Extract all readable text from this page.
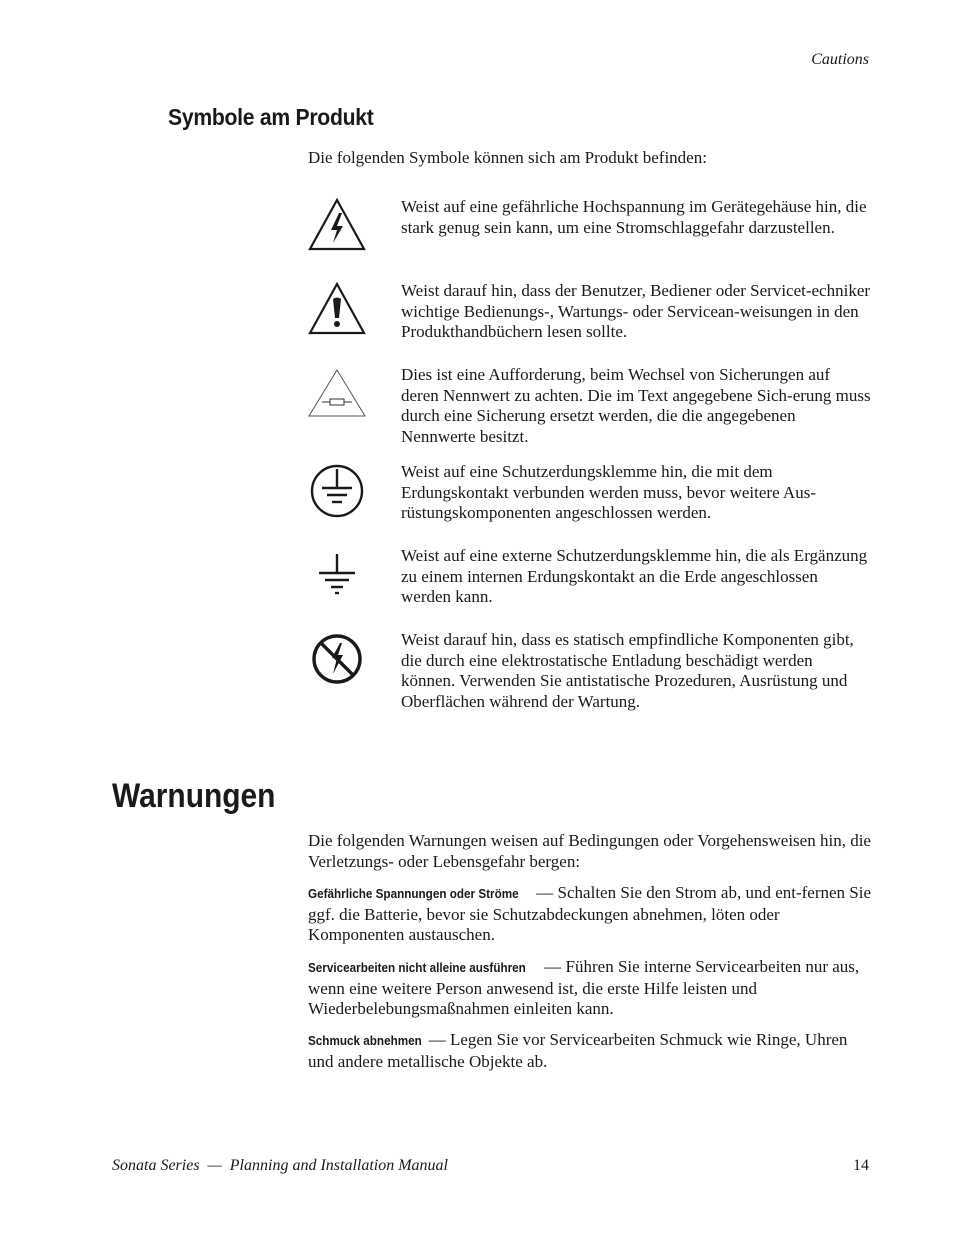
Cautions
Symbole am Produkt

Die folgenden Symbole können sich am Produkt befinden:

Weist auf eine gefährliche Hochspannung im Gerätegehäuse hin, die stark genug sein kann, um eine Stromschlaggefahr darzustellen.

Weist darauf hin, dass der Benutzer, Bediener oder Servicet-echniker wichtige Bedienungs-, Wartungs- oder Servicean-weisungen in den Produkthandbüchern lesen sollte.

Dies ist eine Aufforderung, beim Wechsel von Sicherungen auf deren Nennwert zu achten. Die im Text angegebene Sich-erung muss durch eine Sicherung ersetzt werden, die die angegebenen Nennwerte besitzt.

Weist auf eine Schutzerdungsklemme hin, die mit dem Erdungskontakt verbunden werden muss, bevor weitere Aus-rüstungskomponenten angeschlossen werden.

Weist auf eine externe Schutzerdungsklemme hin, die als Ergänzung zu einem internen Erdungskontakt an die Erde angeschlossen werden kann.

Weist darauf hin, dass es statisch empfindliche Komponenten gibt, die durch eine elektrostatische Entladung beschädigt werden können. Verwenden Sie antistatische Prozeduren, Ausrüstung und Oberflächen während der Wartung.

Warnungen

Die folgenden Warnungen weisen auf Bedingungen oder Vorgehensweisen hin, die Verletzungs- oder Lebensgefahr bergen:

Gefährliche Spannungen oder Ströme — Schalten Sie den Strom ab, und ent-fernen Sie ggf. die Batterie, bevor sie Schutzabdeckungen abnehmen, löten oder Komponenten austauschen.

Servicearbeiten nicht alleine ausführen — Führen Sie interne Servicearbeiten nur aus, wenn eine weitere Person anwesend ist, die erste Hilfe leisten und Wiederbelebungsmaßnahmen einleiten kann.

Schmuck abnehmen — Legen Sie vor Servicearbeiten Schmuck wie Ringe, Uhren und andere metallische Objekte ab.

Sonata Series  —  Planning and Installation Manual	14
